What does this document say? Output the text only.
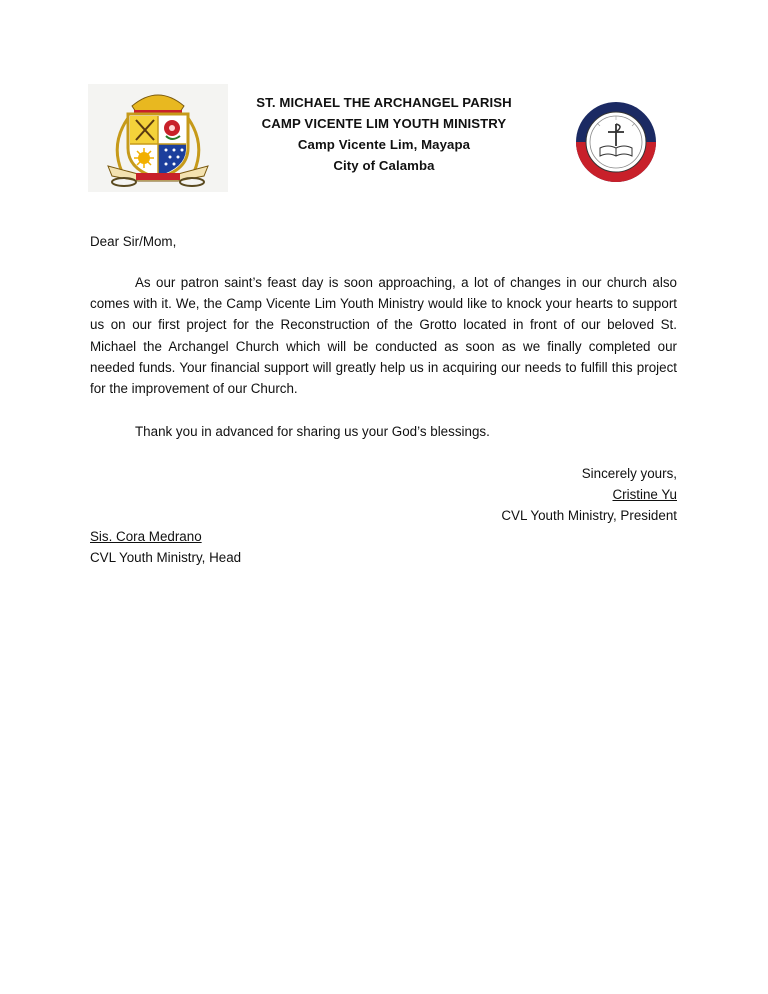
ST. MICHAEL THE ARCHANGEL PARISH
CAMP VICENTE LIM YOUTH MINISTRY
Camp Vicente Lim, Mayapa
City of Calamba
Dear Sir/Mom,
As our patron saint’s feast day is soon approaching, a lot of changes in our church also comes with it. We, the Camp Vicente Lim Youth Ministry would like to knock your hearts to support us on our first project for the Reconstruction of the Grotto located in front of our beloved St. Michael the Archangel Church which will be conducted as soon as we finally completed our needed funds. Your financial support will greatly help us in acquiring our needs to fulfill this project for the improvement of our Church.
Thank you in advanced for sharing us your God’s blessings.
Sincerely yours,
Cristine Yu
CVL Youth Ministry, President
Sis. Cora Medrano
CVL Youth Ministry, Head
